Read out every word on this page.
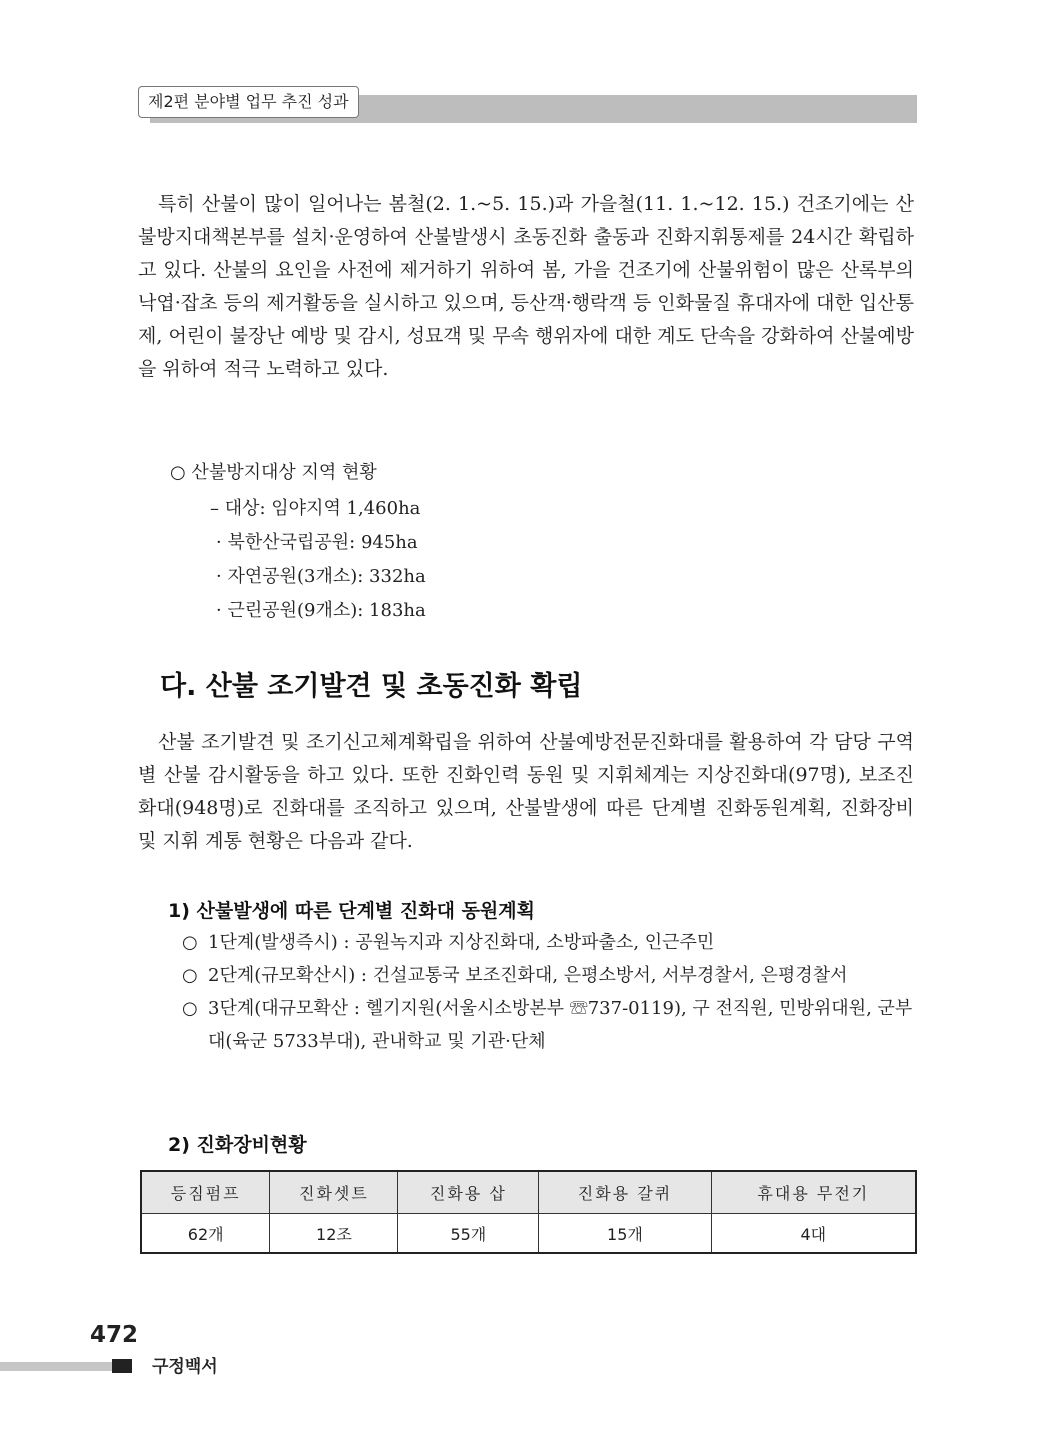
제2편 분야별 업무 추진 성과

특히 산불이 많이 일어나는 봄철(2. 1.~5. 15.)과 가을철(11. 1.~12. 15.) 건조기에는 산불방지대책본부를 설치·운영하여 산불발생시 초동진화 출동과 진화지휘통제를 24시간 확립하고 있다. 산불의 요인을 사전에 제거하기 위하여 봄, 가을 건조기에 산불위험이 많은 산록부의 낙엽·잡초 등의 제거활동을 실시하고 있으며, 등산객·행락객 등 인화물질 휴대자에 대한 입산통제, 어린이 불장난 예방 및 감시, 성묘객 및 무속 행위자에 대한 계도 단속을 강화하여 산불예방을 위하여 적극 노력하고 있다.

○ 산불방지대상 지역 현황
– 대상: 임야지역 1,460ha
· 북한산국립공원: 945ha
· 자연공원(3개소): 332ha
· 근린공원(9개소): 183ha
다. 산불 조기발견 및 초동진화 확립

산불 조기발견 및 조기신고체계확립을 위하여 산불예방전문진화대를 활용하여 각 담당 구역별 산불 감시활동을 하고 있다. 또한 진화인력 동원 및 지휘체계는 지상진화대(97명), 보조진화대(948명)로 진화대를 조직하고 있으며, 산불발생에 따른 단계별 진화동원계획, 진화장비 및 지휘 계통 현황은 다음과 같다.

1) 산불발생에 따른 단계별 진화대 동원계획
○ 1단계(발생즉시) : 공원녹지과 지상진화대, 소방파출소, 인근주민
○ 2단계(규모확산시) : 건설교통국 보조진화대, 은평소방서, 서부경찰서, 은평경찰서
○ 3단계(대규모확산 : 헬기지원(서울시소방본부 ☏737-0119), 구 전직원, 민방위대원, 군부대(육군 5733부대), 관내학교 및 기관·단체
2) 진화장비현황
등짐펌프	진화셋트	진화용 삽	진화용 갈퀴	휴대용 무전기
62개	12조	55개	15개	4대
472
구정백서
